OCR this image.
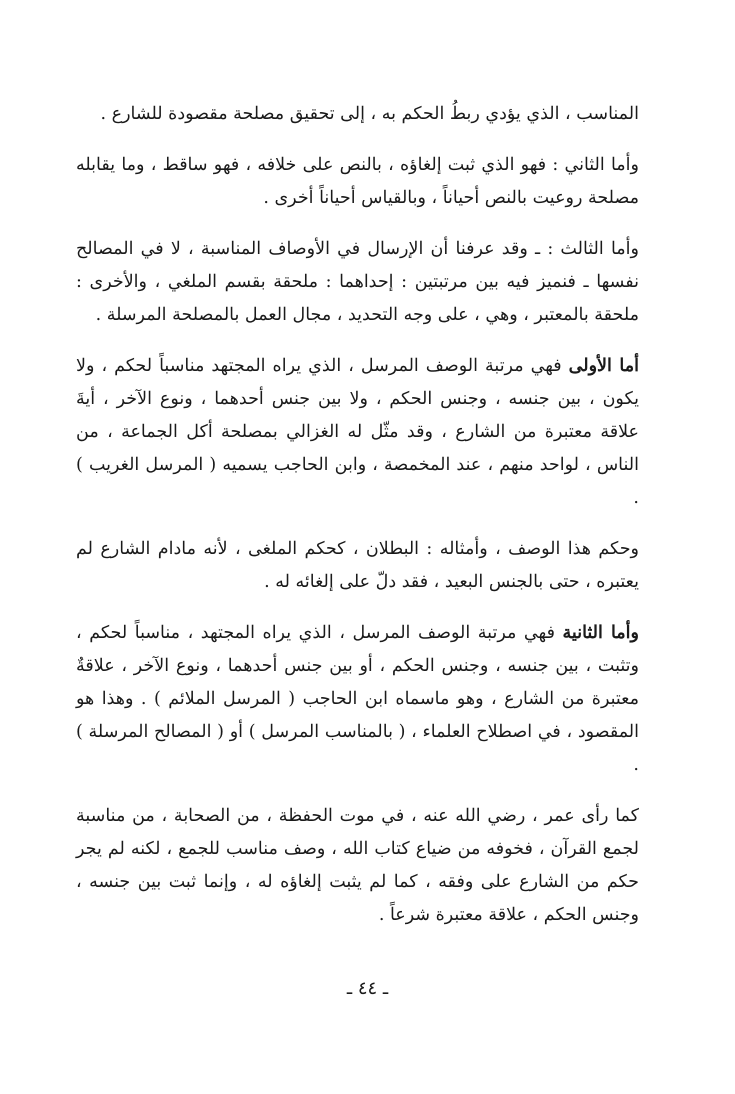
المناسب ، الذي يؤدي ربطُ الحكم به ، إلى تحقيق مصلحة مقصودة للشارع .

وأما الثاني : فهو الذي ثبت إلغاؤه ، بالنص على خلافه ، فهو ساقط ، وما يقابله مصلحة روعيت بالنص أحياناً ، وبالقياس أحياناً أخرى .

وأما الثالث : ـ وقد عرفنا أن الإرسال في الأوصاف المناسبة ، لا في المصالح نفسها ـ فنميز فيه بين مرتبتين : إحداهما : ملحقة بقسم الملغي ، والأخرى : ملحقة بالمعتبر ، وهي ، على وجه التحديد ، مجال العمل بالمصلحة المرسلة .

أما الأولى فهي مرتبة الوصف المرسل ، الذي يراه المجتهد مناسباً لحكم ، ولا يكون ، بين جنسه ، وجنس الحكم ، ولا بين جنس أحدهما ، ونوع الآخر ، أيةَ علاقة معتبرة من الشارع ، وقد مثّل له الغزالي بمصلحة أكل الجماعة ، من الناس ، لواحد منهم ، عند المخمصة ، وابن الحاجب يسميه ( المرسل الغريب ) .

وحكم هذا الوصف ، وأمثاله : البطلان ، كحكم الملغى ، لأنه مادام الشارع لم يعتبره ، حتى بالجنس البعيد ، فقد دلّ على إلغائه له .

وأما الثانية فهي مرتبة الوصف المرسل ، الذي يراه المجتهد ، مناسباً لحكم ، وتثبت ، بين جنسه ، وجنس الحكم ، أو بين جنس أحدهما ، ونوع الآخر ، علاقةٌ معتبرة من الشارع ، وهو ماسماه ابن الحاجب ( المرسل الملائم ) . وهذا هو المقصود ، في اصطلاح العلماء ، ( بالمناسب المرسل ) أو ( المصالح المرسلة ) .

كما رأى عمر ، رضي الله عنه ، في موت الحفظة ، من الصحابة ، من مناسبة لجمع القرآن ، فخوفه من ضياع كتاب الله ، وصف مناسب للجمع ، لكنه لم يجر حكم من الشارع على وفقه ، كما لم يثبت إلغاؤه له ، وإنما ثبت بين جنسه ، وجنس الحكم ، علاقة معتبرة شرعاً .

ـ ٤٤ ـ
